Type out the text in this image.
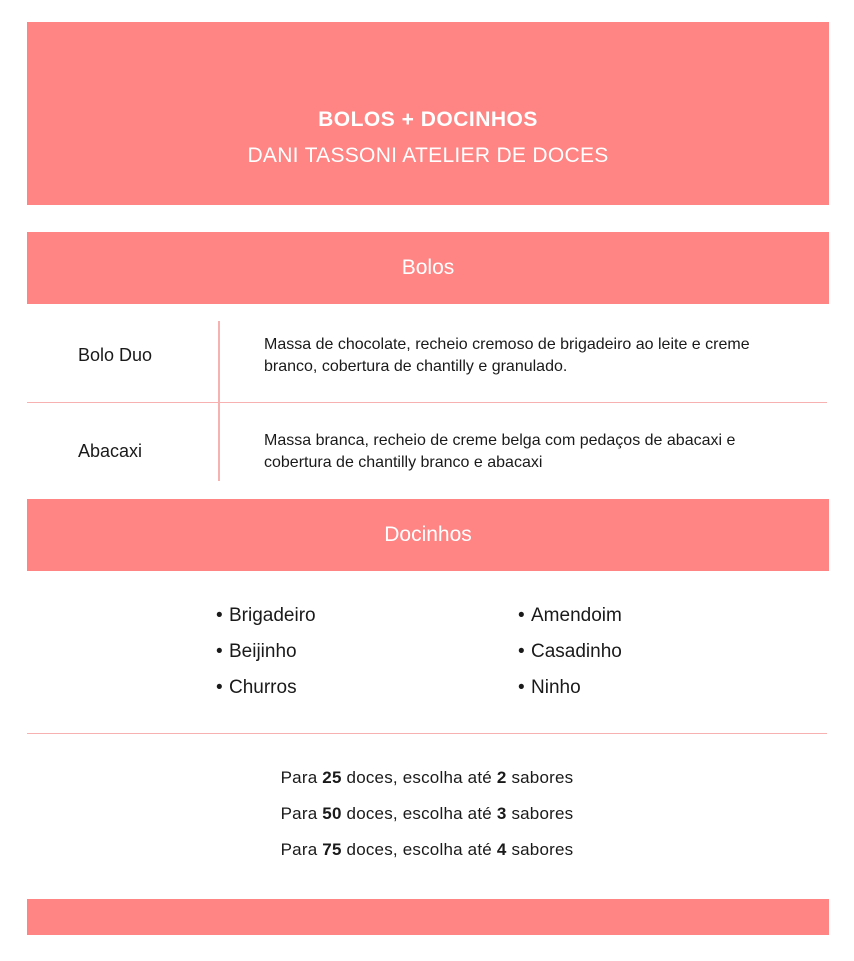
BOLOS + DOCINHOS
DANI TASSONI ATELIER DE DOCES
Bolos
Bolo Duo
Massa de chocolate, recheio cremoso de brigadeiro ao leite e creme branco, cobertura de chantilly e granulado.
Abacaxi
Massa branca, recheio de creme belga com pedaços de abacaxi e cobertura de chantilly branco e abacaxi
Docinhos
• Brigadeiro
• Beijinho
• Churros
• Amendoim
• Casadinho
• Ninho
Para 25 doces, escolha até 2 sabores
Para 50 doces, escolha até 3 sabores
Para 75 doces, escolha até 4 sabores
